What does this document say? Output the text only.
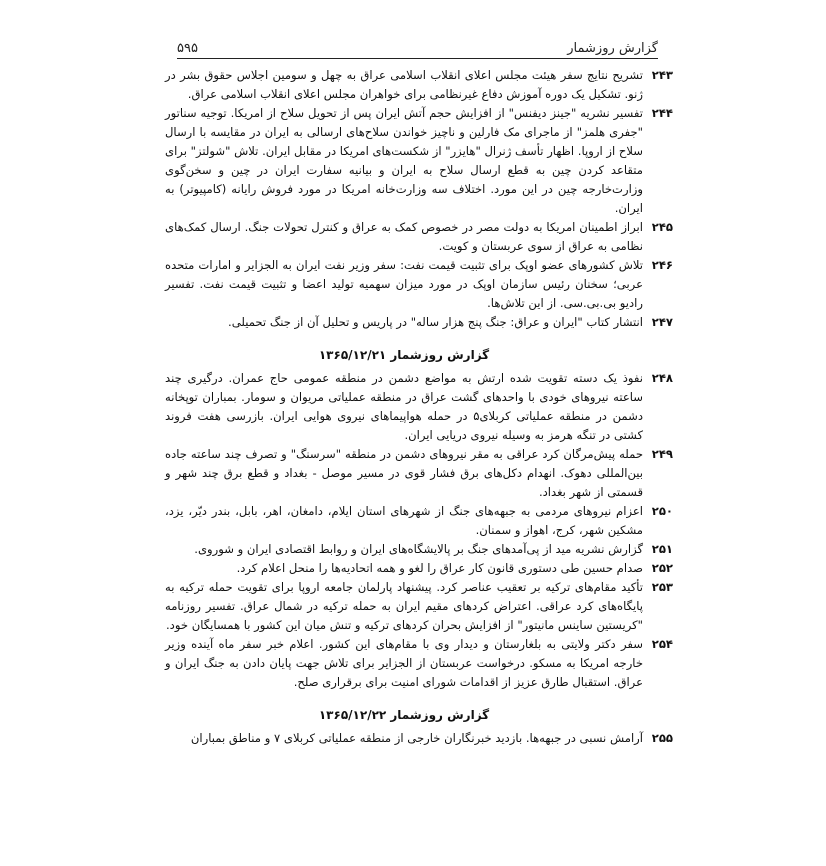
۵۹۵	گزارش روزشمار
۲۴۳
تشریح نتایج سفر هیئت مجلس اعلای انقلاب اسلامی عراق به چهل و سومین اجلاس حقوق بشر در ژنو. تشکیل یک دوره آموزش دفاع غیرنظامی برای خواهران مجلس اعلای انقلاب اسلامی عراق.
۲۴۴
تفسیر نشریه "جینز دیفنس" از افزایش حجم آتش ایران پس از تحویل سلاح از امریکا. توجیه سناتور "جفری هلمز" از ماجرای مک فارلین و ناچیز خواندن سلاح‌های ارسالی به ایران در مقایسه با ارسال سلاح از اروپا. اظهار تأسف ژنرال "هایزر" از شکست‌های امریکا در مقابل ایران. تلاش "شولتز" برای متقاعد کردن چین به قطع ارسال سلاح به ایران و بیانیه سفارت ایران در چین و سخن‌گوی وزارت‌خارجه چین در این مورد. اختلاف سه وزارت‌خانه امریکا در مورد فروش رایانه (کامپیوتر) به ایران.
۲۴۵
ابراز اطمینان امریکا به دولت مصر در خصوص کمک به عراق و کنترل تحولات جنگ. ارسال کمک‌های نظامی به عراق از سوی عربستان و کویت.
۲۴۶
تلاش کشورهای عضو اوپک برای تثبیت قیمت نفت: سفر وزیر نفت ایران به الجزایر و امارات متحده عربی؛ سخنان رئیس سازمان اوپک در مورد میزان سهمیه تولید اعضا و تثبیت قیمت نفت. تفسیر رادیو بی.بی.سی. از این تلاش‌ها.
۲۴۷
انتشار کتاب "ایران و عراق: جنگ پنج هزار ساله" در پاریس و تحلیل آن از جنگ تحمیلی.
گزارش روزشمار ۱۳۶۵/۱۲/۲۱
۲۴۸
نفوذ یک دسته تقویت شده ارتش به مواضع دشمن در منطقه عمومی حاج عمران. درگیری چند ساعته نیروهای خودی با واحدهای گشت عراق در منطقه عملیاتی مریوان و سومار. بمباران توپخانه دشمن در منطقه عملیاتی کربلای۵ در حمله هواپیماهای نیروی هوایی ایران. بازرسی هفت فروند کشتی در تنگه هرمز به وسیله نیروی دریایی ایران.
۲۴۹
حمله پیش‌مرگان کرد عراقی به مقر نیروهای دشمن در منطقه "سرسنگ" و تصرف چند ساعته جاده بین‌المللی دهوک. انهدام دکل‌های برق فشار قوی در مسیر موصل - بغداد و قطع برق چند شهر و قسمتی از شهر بغداد.
۲۵۰
اعزام نیروهای مردمی به جبهه‌های جنگ از شهرهای استان ایلام، دامغان، اهر، بابل، بندر دیّر، یزد، مشکین شهر، کرج، اهواز و سمنان.
۲۵۱
گزارش نشریه مید از پی‌آمدهای جنگ بر پالایشگاه‌های ایران و روابط اقتصادی ایران و شوروی.
۲۵۲
صدام حسین طی دستوری قانون کار عراق را لغو و همه اتحادیه‌ها را منحل اعلام کرد.
۲۵۳
تأکید مقام‌های ترکیه بر تعقیب عناصر کرد. پیشنهاد پارلمان جامعه اروپا برای تقویت حمله ترکیه به پایگاه‌های کرد عراقی. اعتراض کردهای مقیم ایران به حمله ترکیه در شمال عراق. تفسیر روزنامه "کریستین ساینس مانیتور" از افزایش بحران کردهای ترکیه و تنش میان این کشور با همسایگان خود.
۲۵۴
سفر دکتر ولایتی به بلغارستان و دیدار وی با مقام‌های این کشور. اعلام خبر سفر ماه آینده وزیر خارجه امریکا به مسکو. درخواست عربستان از الجزایر برای تلاش جهت پایان دادن به جنگ ایران و عراق. استقبال طارق عزیز از اقدامات شورای امنیت برای برقراری صلح.
گزارش روزشمار ۱۳۶۵/۱۲/۲۲
۲۵۵
آرامش نسبی در جبهه‌ها. بازدید خبرنگاران خارجی از منطقه عملیاتی کربلای ۷ و مناطق بمباران
